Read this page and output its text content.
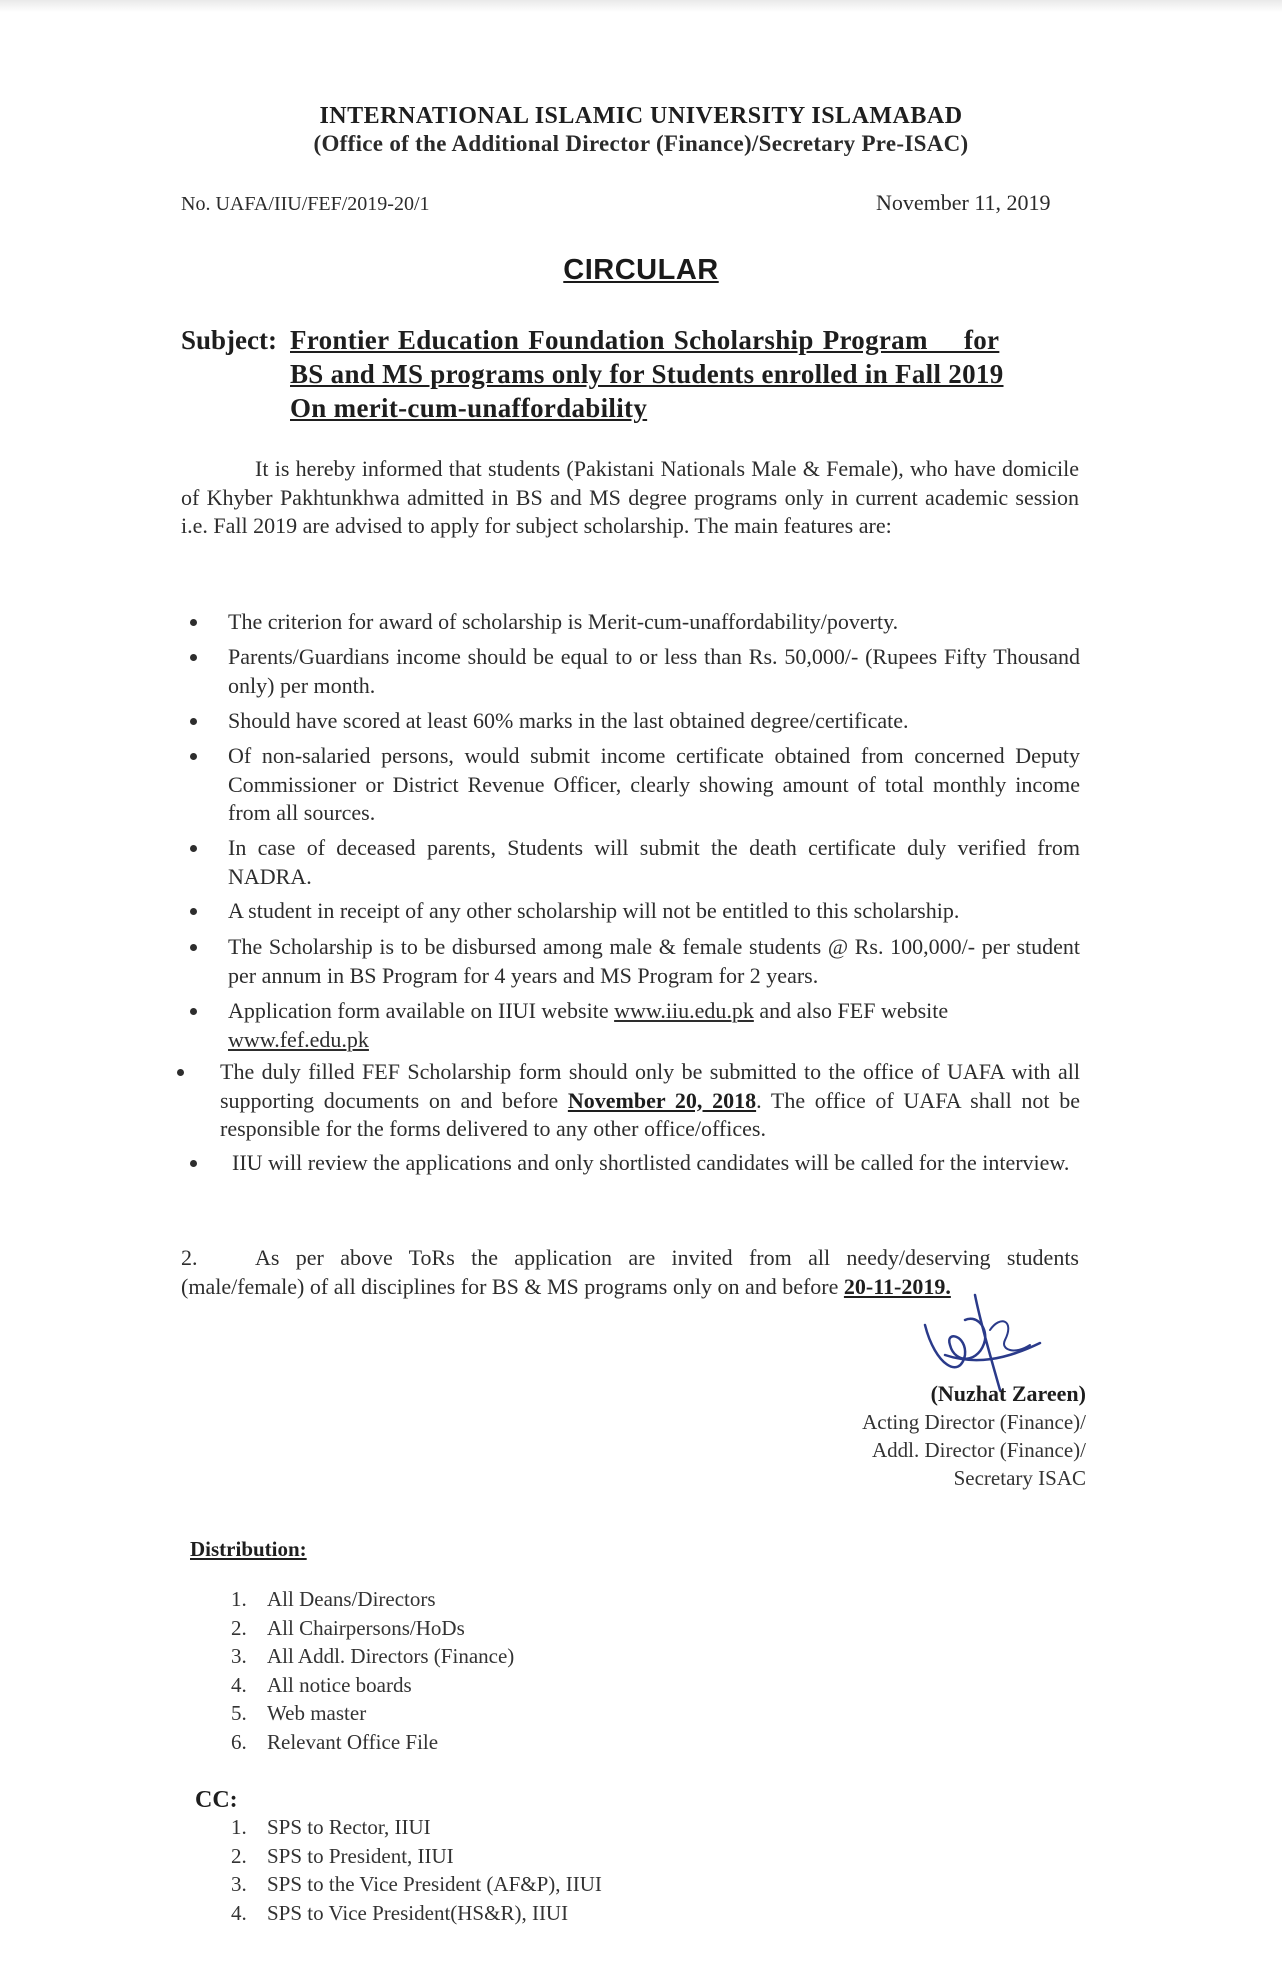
INTERNATIONAL ISLAMIC UNIVERSITY ISLAMABAD
(Office of the Additional Director (Finance)/Secretary Pre-ISAC)
No. UAFA/IIU/FEF/2019-20/1	November 11, 2019
CIRCULAR
Subject: Frontier Education Foundation Scholarship Program    for
BS and MS programs only for Students enrolled in Fall 2019
On merit-cum-unaffordability
It is hereby informed that students (Pakistani Nationals Male & Female), who have domicile of Khyber Pakhtunkhwa admitted in BS and MS degree programs only in current academic session i.e. Fall 2019 are advised to apply for subject scholarship. The main features are:
The criterion for award of scholarship is Merit-cum-unaffordability/poverty.
Parents/Guardians income should be equal to or less than Rs. 50,000/- (Rupees Fifty Thousand only) per month.
Should have scored at least 60% marks in the last obtained degree/certificate.
Of non-salaried persons, would submit income certificate obtained from concerned Deputy Commissioner or District Revenue Officer, clearly showing amount of total monthly income from all sources.
In case of deceased parents, Students will submit the death certificate duly verified from NADRA.
A student in receipt of any other scholarship will not be entitled to this scholarship.
The Scholarship is to be disbursed among male & female students @ Rs. 100,000/- per student per annum in BS Program for 4 years and MS Program for 2 years.
Application form available on IIUI website www.iiu.edu.pk and also FEF website
www.fef.edu.pk
The duly filled FEF Scholarship form should only be submitted to the office of UAFA with all supporting documents on and before November 20, 2018. The office of UAFA shall not be responsible for the forms delivered to any other office/offices.
IIU will review the applications and only shortlisted candidates will be called for the interview.
2.	As per above ToRs the application are invited from all needy/deserving students (male/female) of all disciplines for BS & MS programs only on and before 20-11-2019.
(Nuzhat Zareen)
Acting Director (Finance)/
Addl. Director (Finance)/
Secretary ISAC
Distribution:
1. All Deans/Directors
2. All Chairpersons/HoDs
3. All Addl. Directors (Finance)
4. All notice boards
5. Web master
6. Relevant Office File
CC:
1. SPS to Rector, IIUI
2. SPS to President, IIUI
3. SPS to the Vice President (AF&P), IIUI
4. SPS to Vice President(HS&R), IIUI
